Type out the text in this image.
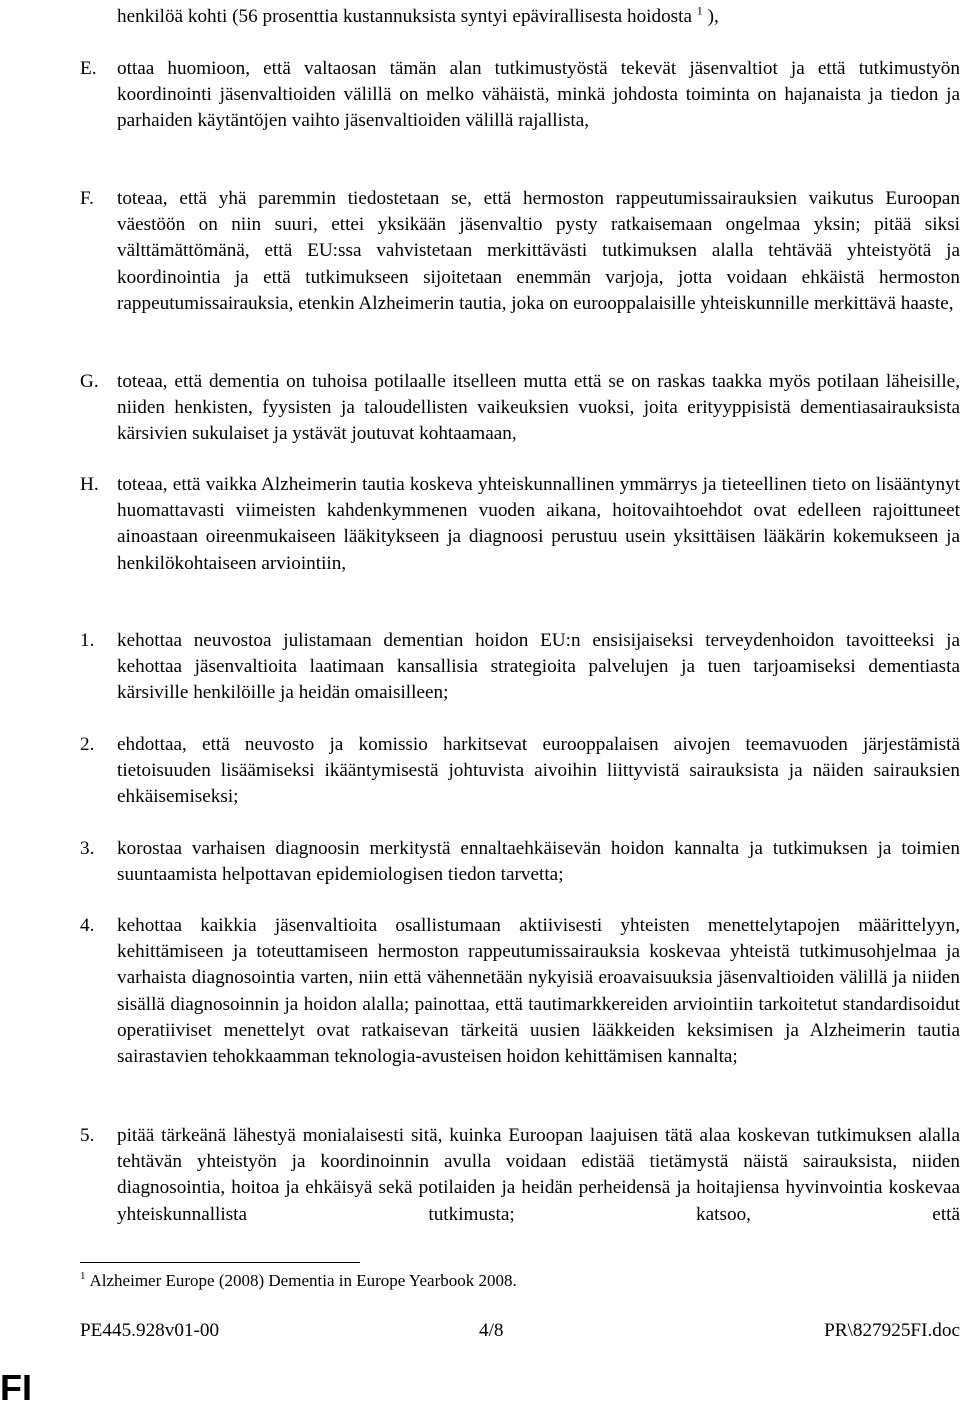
henkilöä kohti (56 prosenttia kustannuksista syntyi epävirallisesta hoidosta $^1$ ),
E. ottaa huomioon, että valtaosan tämän alan tutkimustyöstä tekevät jäsenvaltiot ja että tutkimustyön koordinointi jäsenvaltioiden välillä on melko vähäistä, minkä johdosta toiminta on hajanaista ja tiedon ja parhaiden käytäntöjen vaihto jäsenvaltioiden välillä rajallista,
F. toteaa, että yhä paremmin tiedostetaan se, että hermoston rappeutumissairauksien vaikutus Euroopan väestöön on niin suuri, ettei yksikään jäsenvaltio pysty ratkaisemaan ongelmaa yksin; pitää siksi välttämättömänä, että EU:ssa vahvistetaan merkittävästi tutkimuksen alalla tehtävää yhteistyötä ja koordinointia ja että tutkimukseen sijoitetaan enemmän varjoja, jotta voidaan ehkäistä hermoston rappeutumissairauksia, etenkin Alzheimerin tautia, joka on eurooppalaisille yhteiskunnille merkittävä haaste,
G. toteaa, että dementia on tuhoisa potilaalle itselleen mutta että se on raskas taakka myös potilaan läheisille, niiden henkisten, fyysisten ja taloudellisten vaikeuksien vuoksi, joita erityyppisistä dementiasairauksista kärsivien sukulaiset ja ystävät joutuvat kohtaamaan,
H. toteaa, että vaikka Alzheimerin tautia koskeva yhteiskunnallinen ymmärrys ja tieteellinen tieto on lisääntynyt huomattavasti viimeisten kahdenkymmenen vuoden aikana, hoitovaihtoehdot ovat edelleen rajoittuneet ainoastaan oireenmukaiseen lääkitykseen ja diagnoosi perustuu usein yksittäisen lääkärin kokemukseen ja henkilökohtaiseen arviointiin,
1. kehottaa neuvostoa julistamaan dementian hoidon EU:n ensisijaiseksi terveydenhoidon tavoitteeksi ja kehottaa jäsenvaltioita laatimaan kansallisia strategioita palvelujen ja tuen tarjoamiseksi dementiasta kärsiville henkilöille ja heidän omaisilleen;
2. ehdottaa, että neuvosto ja komissio harkitsevat eurooppalaisen aivojen teemavuoden järjestämistä tietoisuuden lisäämiseksi ikääntymisestä johtuvista aivoihin liittyvistä sairauksista ja näiden sairauksien ehkäisemiseksi;
3. korostaa varhaisen diagnoosin merkitystä ennaltaehkäisevän hoidon kannalta ja tutkimuksen ja toimien suuntaamista helpottavan epidemiologisen tiedon tarvetta;
4. kehottaa kaikkia jäsenvaltioita osallistumaan aktiivisesti yhteisten menettelytapojen määrittelyyn, kehittämiseen ja toteuttamiseen hermoston rappeutumissairauksia koskevaa yhteistä tutkimusohjelmaa ja varhaista diagnosointia varten, niin että vähennetään nykyisiä eroavaisuuksia jäsenvaltioiden välillä ja niiden sisällä diagnosoinnin ja hoidon alalla; painottaa, että tautimarkkereiden arviointiin tarkoitetut standardisoidut operatiiviset menettelyt ovat ratkaisevan tärkeitä uusien lääkkeiden keksimisen ja Alzheimerin tautia sairastavien tehokkaamman teknologia-avusteisen hoidon kehittämisen kannalta;
5. pitää tärkeänä lähestyä monialaisesti sitä, kuinka Euroopan laajuisen tätä alaa koskevan tutkimuksen alalla tehtävän yhteistyön ja koordinoinnin avulla voidaan edistää tietämystä näistä sairauksista, niiden diagnosointia, hoitoa ja ehkäisyä sekä potilaiden ja heidän perheidensä ja hoitajiensa hyvinvointia koskevaa yhteiskunnallista tutkimusta; katsoo, että
$^1$ Alzheimer Europe (2008) Dementia in Europe Yearbook 2008.
PE445.928v01-00	4/8	PR\827925FI.doc
FI
